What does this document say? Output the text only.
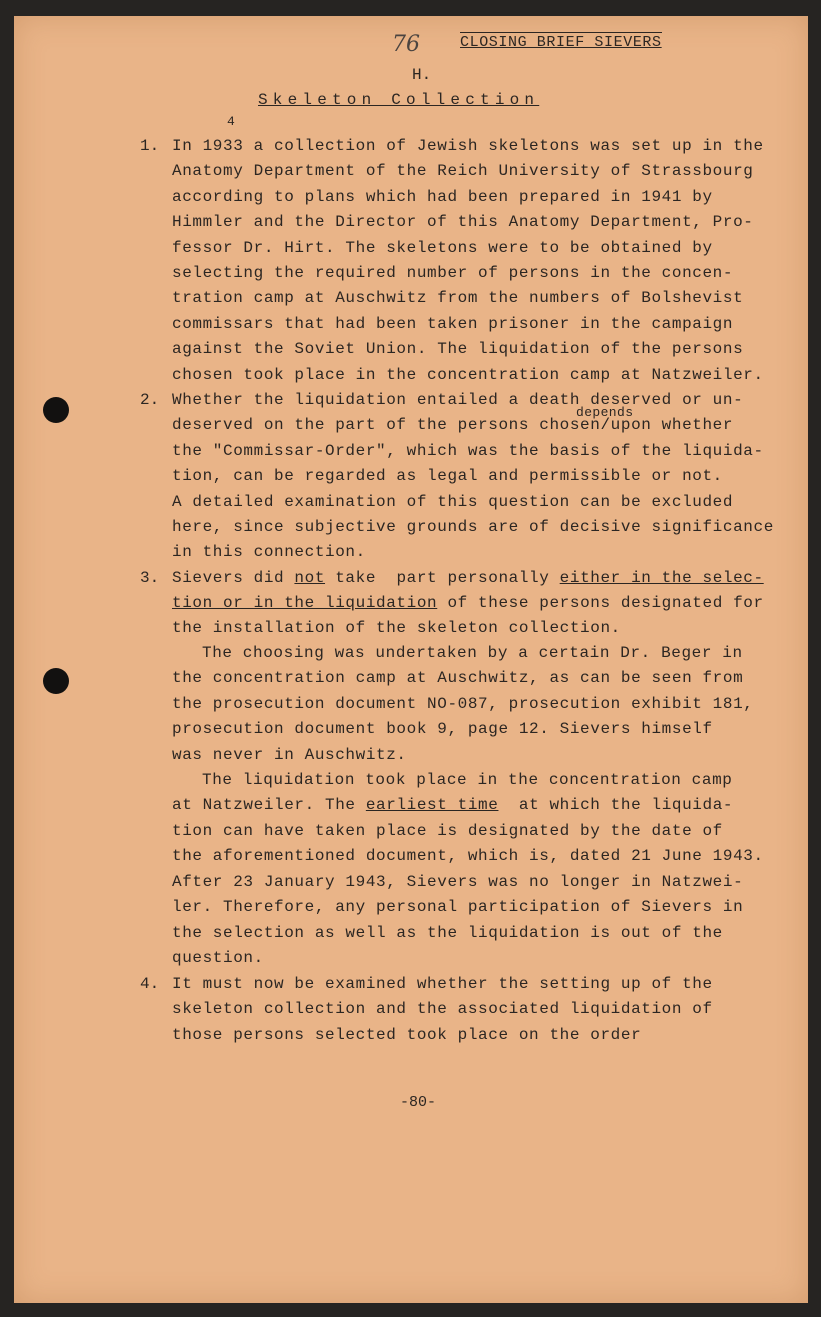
76	CLOSING BRIEF SIEVERS
H.
Skeleton Collection
1.
4
In 1933 a collection of Jewish skeletons was set up in the
Anatomy Department of the Reich University of Strassbourg
according to plans which had been prepared in 1941 by
Himmler and the Director of this Anatomy Department, Pro-
fessor Dr. Hirt. The skeletons were to be obtained by
selecting the required number of persons in the concen-
tration camp at Auschwitz from the numbers of Bolshevist
commissars that had been taken prisoner in the campaign
against the Soviet Union. The liquidation of the persons
chosen took place in the concentration camp at Natzweiler.
2.
depends
Whether the liquidation entailed a death deserved or un-
deserved on the part of the persons chosen/upon whether
the "Commissar-Order", which was the basis of the liquida-
tion, can be regarded as legal and permissible or not.
A detailed examination of this question can be excluded
here, since subjective grounds are of decisive significance
in this connection.
3. Sievers did not take  part personally either in the selec-
tion or in the liquidation of these persons designated for
the installation of the skeleton collection.
The choosing was undertaken by a certain Dr. Beger in
the concentration camp at Auschwitz, as can be seen from
the prosecution document NO-087, prosecution exhibit 181,
prosecution document book 9, page 12. Sievers himself
was never in Auschwitz.
The liquidation took place in the concentration camp
at Natzweiler. The earliest time  at which the liquida-
tion can have taken place is designated by the date of
the aforementioned document, which is, dated 21 June 1943.
After 23 January 1943, Sievers was no longer in Natzwei-
ler. Therefore, any personal participation of Sievers in
the selection as well as the liquidation is out of the
question.
4. It must now be examined whether the setting up of the
skeleton collection and the associated liquidation of
those persons selected took place on the order
-80-
